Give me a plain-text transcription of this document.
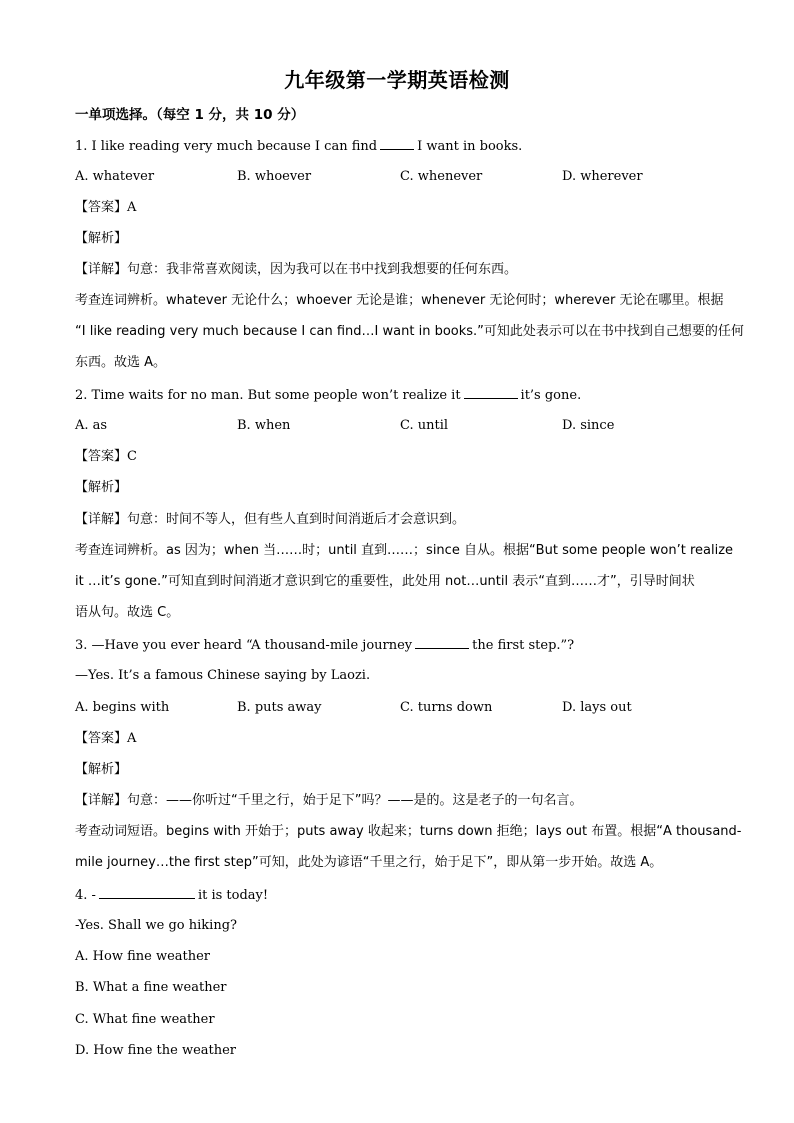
九年级第一学期英语检测
一单项选择。（每空 1 分，共 10 分）
1. I like reading very much because I can find	I want in books.
A. whatever	B. whoever	C. whenever	D. wherever
【答案】A
【解析】
【详解】句意：我非常喜欢阅读，因为我可以在书中找到我想要的任何东西。
考查连词辨析。whatever 无论什么；whoever 无论是谁；whenever 无论何时；wherever 无论在哪里。根据
“I like reading very much because I can find…I want in books.”可知此处表示可以在书中找到自己想要的任何
东西。故选 A。
2. Time waits for no man. But some people won’t realize it	it’s gone.
A. as	B. when	C. until	D. since
【答案】C
【解析】
【详解】句意：时间不等人，但有些人直到时间消逝后才会意识到。
考查连词辨析。as 因为；when 当……时；until 直到……；since 自从。根据“But some people won’t realize
it …it’s gone.”可知直到时间消逝才意识到它的重要性，此处用 not…until 表示“直到……才”，引导时间状
语从句。故选 C。
3. —Have you ever heard “A thousand-mile journey	the first step.”?
—Yes. It’s a famous Chinese saying by Laozi.
A. begins with	B. puts away	C. turns down	D. lays out
【答案】A
【解析】
【详解】句意：——你听过“千里之行，始于足下”吗？——是的。这是老子的一句名言。
考查动词短语。begins with 开始于；puts away 收起来；turns down 拒绝；lays out 布置。根据“A thousand-
mile journey…the first step”可知，此处为谚语“千里之行，始于足下”，即从第一步开始。故选 A。
4. -	it is today!
-Yes. Shall we go hiking?
A. How fine weather
B. What a fine weather
C. What fine weather
D. How fine the weather
